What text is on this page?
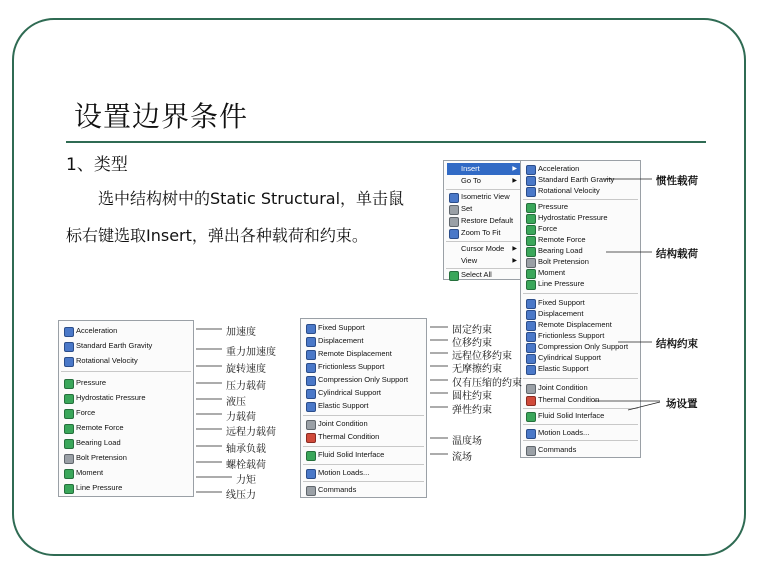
设置边界条件
1、类型
选中结构树中的Static Structural，单击鼠标右键选取Insert，弹出各种载荷和约束。
Insert	▶
Go To	▶
Isometric View
Set
Restore Default
Zoom To Fit
Cursor Mode ▶
View	▶
Select All
Acceleration
Standard Earth Gravity
Rotational Velocity
Pressure
Hydrostatic Pressure
Force
Remote Force
Bearing Load
Bolt Pretension
Moment
Line Pressure
Fixed Support
Displacement
Remote Displacement
Frictionless Support
Compression Only Support
Cylindrical Support
Elastic Support
Joint Condition
Thermal Condition
Fluid Solid Interface
Motion Loads...
Commands
惯性载荷
结构载荷
结构约束
场设置
Acceleration
Standard Earth Gravity
Rotational Velocity
Pressure
Hydrostatic Pressure
Force
Remote Force
Bearing Load
Bolt Pretension
Moment
Line Pressure
加速度
重力加速度
旋转速度
压力载荷
液压
力载荷
远程力载荷
轴承负载
螺栓载荷
力矩
线压力
Fixed Support
Displacement
Remote Displacement
Frictionless Support
Compression Only Support
Cylindrical Support
Elastic Support
Joint Condition
Thermal Condition
Fluid Solid Interface
Motion Loads...
Commands
固定约束
位移约束
远程位移约束
无摩擦约束
仅有压缩的约束
圆柱约束
弹性约束
温度场
流场
